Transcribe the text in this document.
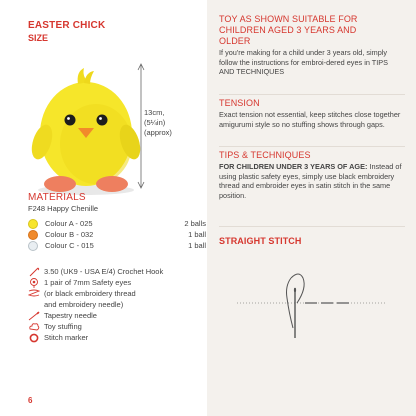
EASTER CHICK
SIZE
13cm,
(5¼in)
(approx)
MATERIALS
F248 Happy Chenille
Colour A - 025	2 balls
Colour B - 032	1 ball
Colour C - 015	1 ball
3.50 (UK9 - USA E/4) Crochet Hook
1 pair of 7mm Safety eyes
(or black embroidery thread
and embroidery needle)
Tapestry needle
Toy stuffing
Stitch marker
6
TOY AS SHOWN SUITABLE FOR
CHILDREN AGED 3 YEARS AND
OLDER
If you're making for a child under 3 years old, simply follow the instructions for embroi-dered eyes in TIPS AND TECHNIQUES
TENSION
Exact tension not essential, keep stitches close together amigurumi style so no stuffing shows through gaps.
TIPS & TECHNIQUES
FOR CHILDREN UNDER 3 YEARS OF AGE: Instead of using plastic safety eyes, simply use black embroidery thread and embroider eyes in satin stitch in the same position.
STRAIGHT STITCH
